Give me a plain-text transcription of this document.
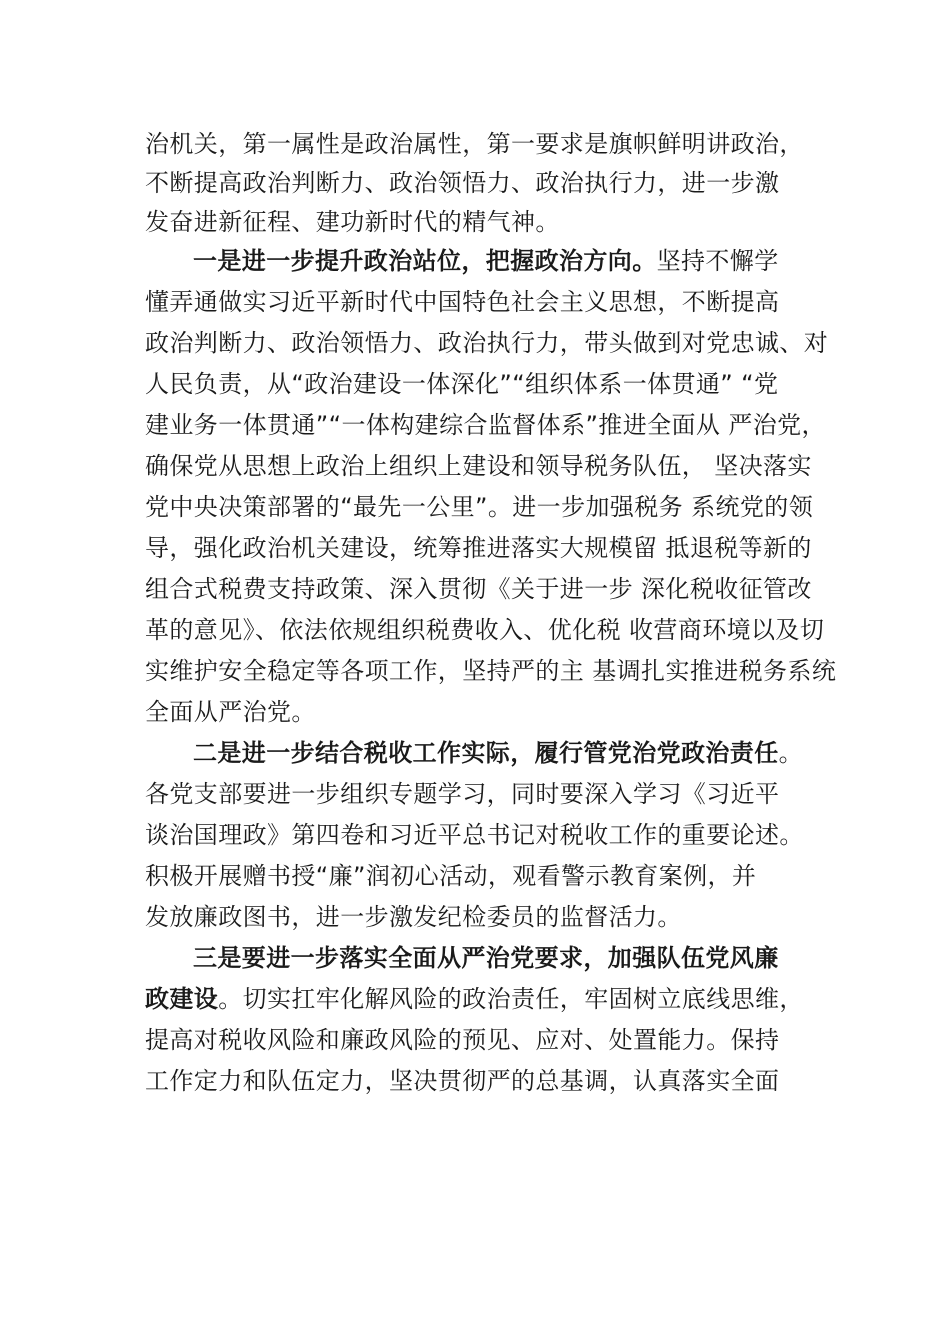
治机关，第一属性是政治属性，第一要求是旗帜鲜明讲政治，
不断提高政治判断力、政治领悟力、政治执行力，进一步激
发奋进新征程、建功新时代的精气神。
一是进一步提升政治站位，把握政治方向。坚持不懈学
懂弄通做实习近平新时代中国特色社会主义思想，不断提高
政治判断力、政治领悟力、政治执行力，带头做到对党忠诚、对
人民负责，从“政治建设一体深化”“组织体系一体贯通” “党
建业务一体贯通”“一体构建综合监督体系”推进全面从 严治党，
确保党从思想上政治上组织上建设和领导税务队伍， 坚决落实
党中央决策部署的“最先一公里”。进一步加强税务 系统党的领
导，强化政治机关建设，统筹推进落实大规模留 抵退税等新的
组合式税费支持政策、深入贯彻《关于进一步 深化税收征管改
革的意见》、依法依规组织税费收入、优化税 收营商环境以及切
实维护安全稳定等各项工作，坚持严的主 基调扎实推进税务系统
全面从严治党。
二是进一步结合税收工作实际，履行管党治党政治责任。
各党支部要进一步组织专题学习，同时要深入学习《习近平
谈治国理政》第四卷和习近平总书记对税收工作的重要论述。
积极开展赠书授“廉”润初心活动，观看警示教育案例，并
发放廉政图书，进一步激发纪检委员的监督活力。
三是要进一步落实全面从严治党要求，加强队伍党风廉
政建设。切实扛牢化解风险的政治责任，牢固树立底线思维，
提高对税收风险和廉政风险的预见、应对、处置能力。保持
工作定力和队伍定力，坚决贯彻严的总基调，认真落实全面
